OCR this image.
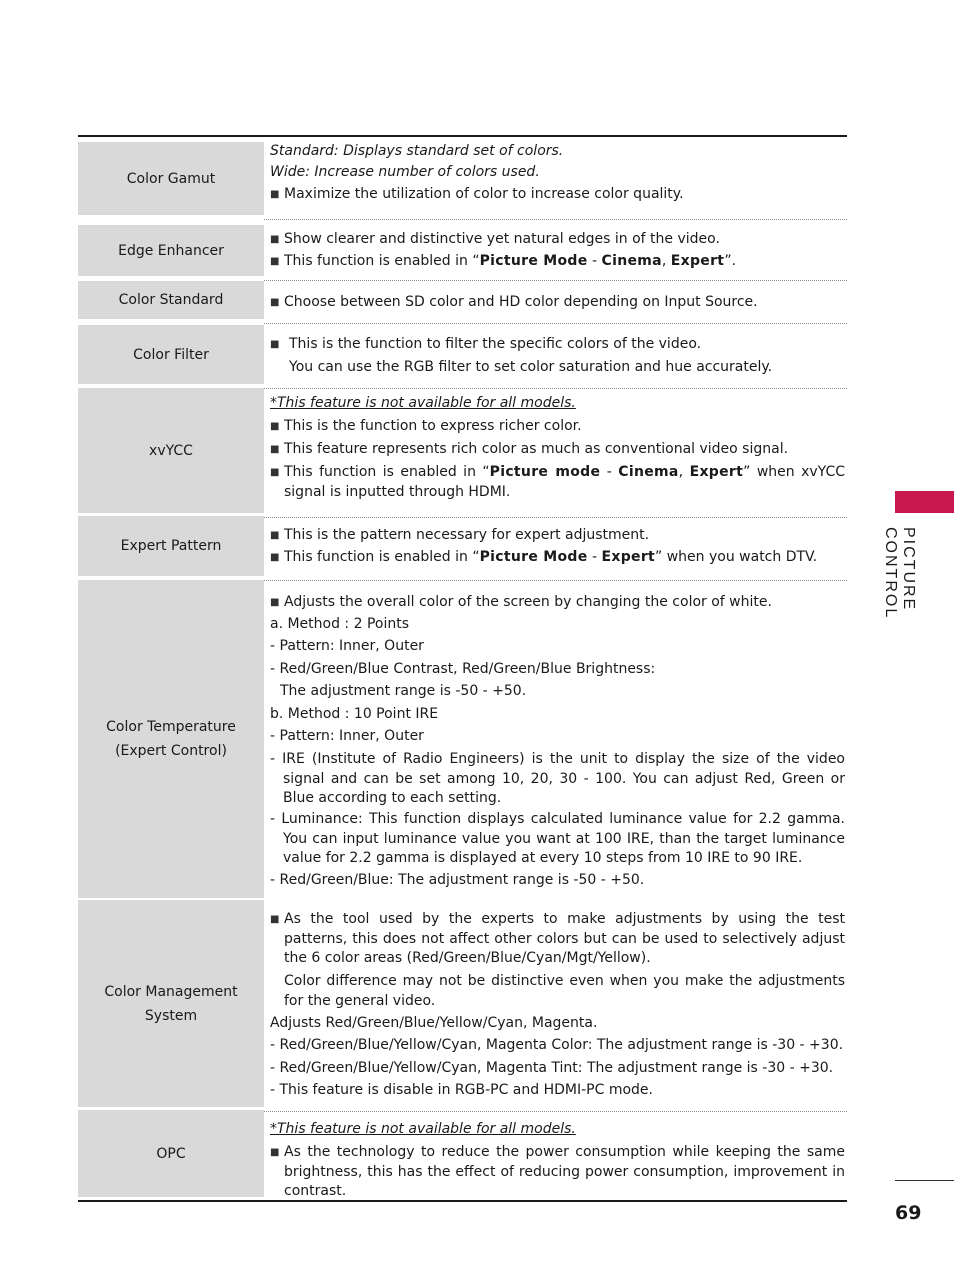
Color Gamut
Standard: Displays standard set of colors.
Wide: Increase number of colors used.
■ Maximize the utilization of color to increase color quality.
Edge Enhancer
■ Show clearer and distinctive yet natural edges in of the video.
■ This function is enabled in “Picture Mode - Cinema, Expert”.
Color Standard	■ Choose between SD color and HD color depending on Input Source.
Color Filter
■ This is the function to filter the specific colors of the video.
You can use the RGB filter to set color saturation and hue accurately.
xvYCC
*This feature is not available for all models.
■ This is the function to express richer color.
■ This feature represents rich color as much as conventional video signal.
■ This function is enabled in “Picture mode - Cinema, Expert” when xvYCC signal is inputted through HDMI.
Expert Pattern
■ This is the pattern necessary for expert adjustment.
■ This function is enabled in “Picture Mode - Expert” when you watch DTV.
Color Temperature
(Expert Control)
■ Adjusts the overall color of the screen by changing the color of white.
a. Method : 2 Points
- Pattern: Inner, Outer
- Red/Green/Blue Contrast, Red/Green/Blue Brightness:
The adjustment range is -50 - +50.
b. Method : 10 Point IRE
- Pattern: Inner, Outer
- IRE (Institute of Radio Engineers) is the unit to display the size of the video signal and can be set among 10, 20, 30 - 100. You can adjust Red, Green or Blue according to each setting.
- Luminance: This function displays calculated luminance value for 2.2 gamma. You can input luminance value you want at 100 IRE, than the target luminance value for 2.2 gamma is displayed at every 10 steps from 10 IRE to 90 IRE.
- Red/Green/Blue: The adjustment range is -50 - +50.
Color Management System
■ As the tool used by the experts to make adjustments by using the test patterns, this does not affect other colors but can be used to selectively adjust the 6 color areas (Red/Green/Blue/Cyan/Mgt/Yellow).
Color difference may not be distinctive even when you make the adjustments for the general video.
Adjusts Red/Green/Blue/Yellow/Cyan, Magenta.
- Red/Green/Blue/Yellow/Cyan, Magenta Color: The adjustment range is -30 - +30.
- Red/Green/Blue/Yellow/Cyan, Magenta Tint: The adjustment range is -30 - +30.
- This feature is disable in RGB-PC and HDMI-PC mode.
OPC
*This feature is not available for all models.
■ As the technology to reduce the power consumption while keeping the same brightness, this has the effect of reducing power consumption, improvement in contrast.
PICTURE CONTROL
69
